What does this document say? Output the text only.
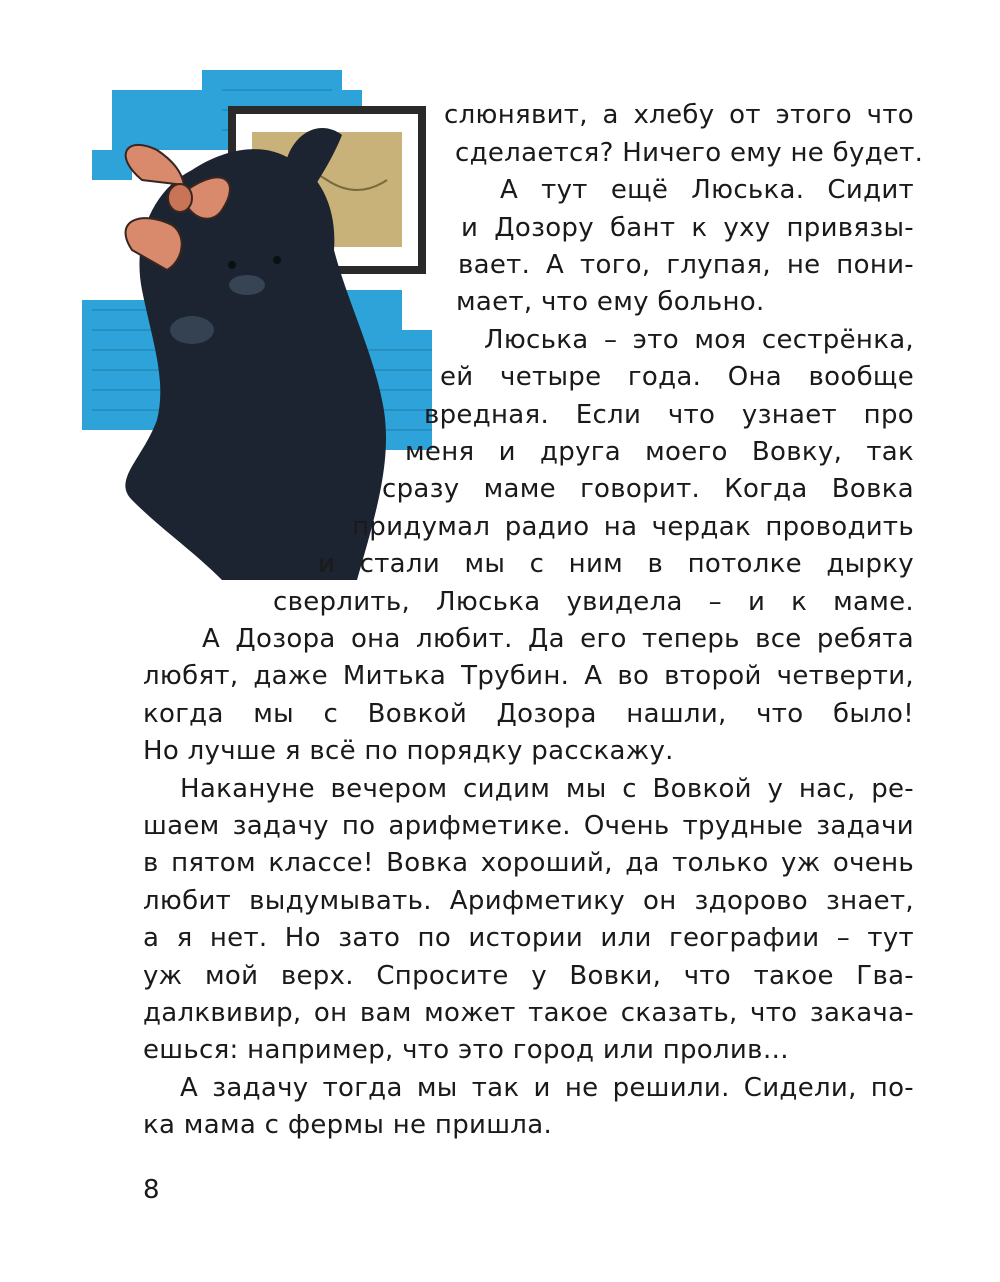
слюнявит, а хлебу от этого что
сделается? Ничего ему не будет.
А тут ещё Люська. Сидит
и Дозору бант к уху привязы-
вает. А того, глупая, не пони-
мает, что ему больно.
Люська – это моя сестрёнка,
ей четыре года. Она вообще
вредная. Если что узнает про
меня и друга моего Вовку, так
сразу маме говорит. Когда Вовка
придумал радио на чердак проводить
и стали мы с ним в потолке дырку
сверлить, Люська увидела – и к маме.
А Дозора она любит. Да его теперь все ребята
любят, даже Митька Трубин. А во второй четверти,
когда мы с Вовкой Дозора нашли, что было!
Но лучше я всё по порядку расскажу.
Накануне вечером сидим мы с Вовкой у нас, ре-
шаем задачу по арифметике. Очень трудные задачи
в пятом классе! Вовка хороший, да только уж очень
любит выдумывать. Арифметику он здорово знает,
а я нет. Но зато по истории или географии – тут
уж мой верх. Спросите у Вовки, что такое Гва-
далквивир, он вам может такое сказать, что закача-
ешься: например, что это город или пролив…
А задачу тогда мы так и не решили. Сидели, по-
ка мама с фермы не пришла.
8
